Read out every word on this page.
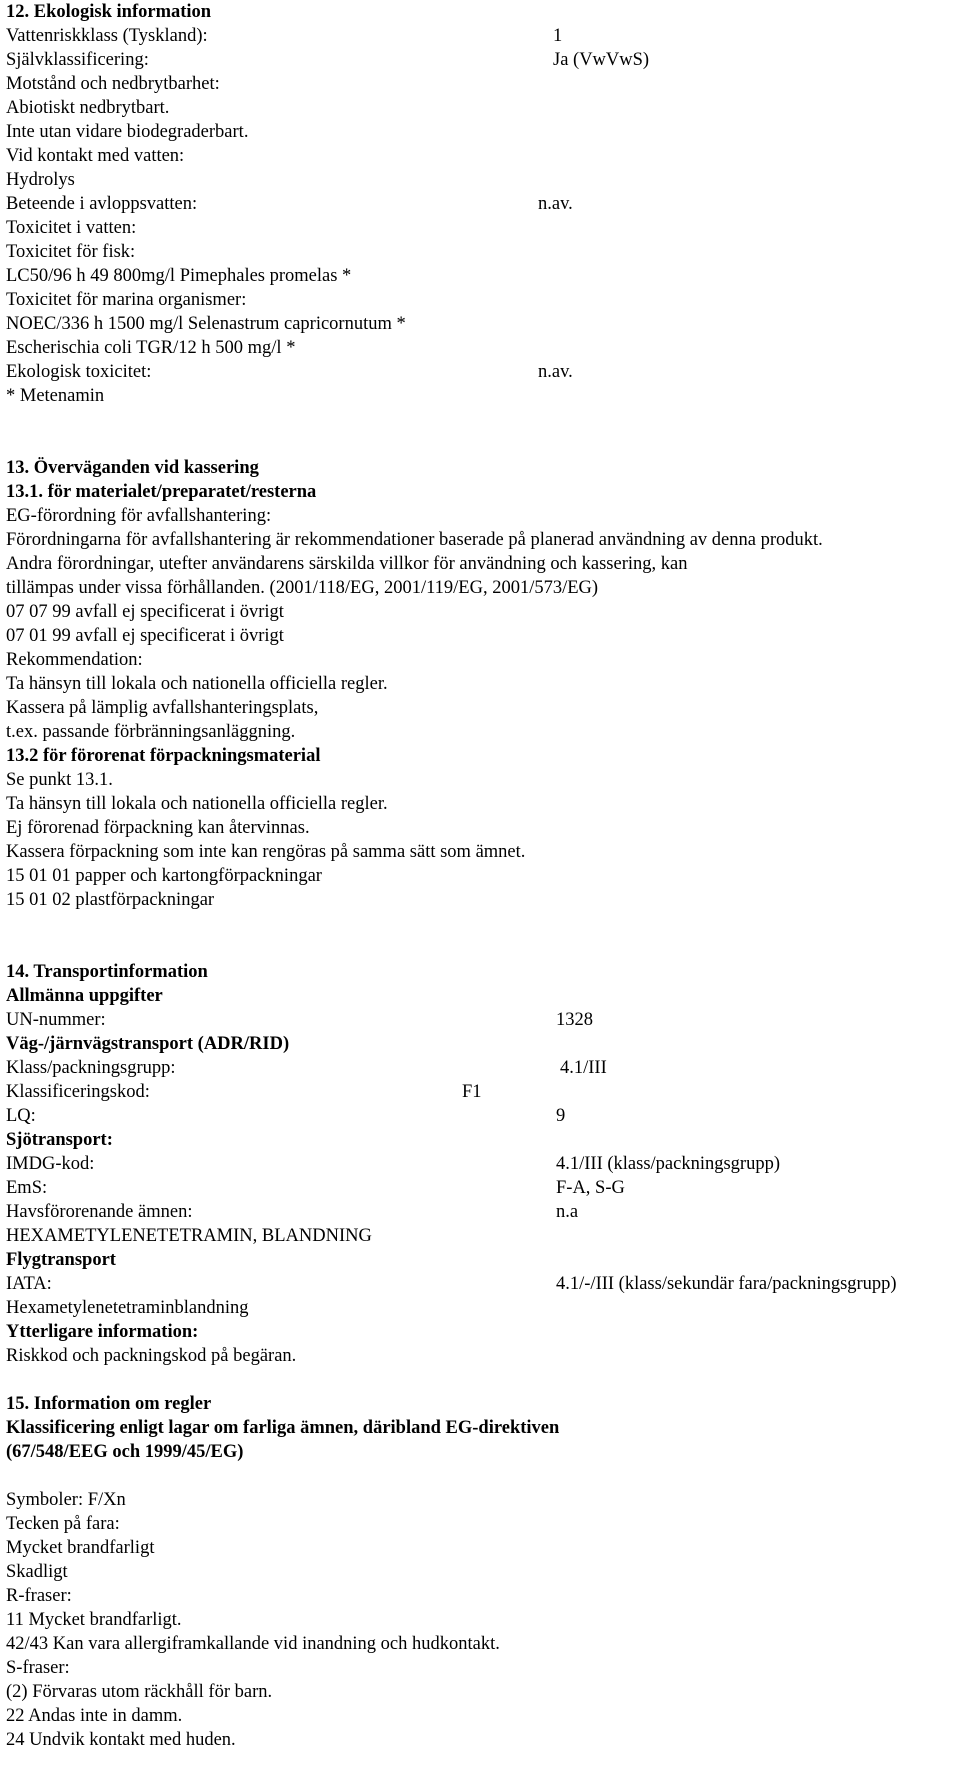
12. Ekologisk information
Vattenriskklass (Tyskland):	1
Självklassificering:	Ja (VwVwS)
Motstånd och nedbrytbarhet:
Abiotiskt nedbrytbart.
Inte utan vidare biodegraderbart.
Vid kontakt med vatten:
Hydrolys
Beteende i avloppsvatten:	n.av.
Toxicitet i vatten:
Toxicitet för fisk:
LC50/96 h 49 800mg/l Pimephales promelas *
Toxicitet för marina organismer:
NOEC/336 h 1500 mg/l Selenastrum capricornutum *
Escherischia coli TGR/12 h 500 mg/l *
Ekologisk toxicitet:	n.av.
* Metenamin
13. Överväganden vid kassering
13.1. för materialet/preparatet/resterna
EG-förordning för avfallshantering:
Förordningarna för avfallshantering är rekommendationer baserade på planerad användning av denna produkt.
Andra förordningar, utefter användarens särskilda villkor för användning och kassering, kan
tillämpas under vissa förhållanden. (2001/118/EG, 2001/119/EG, 2001/573/EG)
07 07 99 avfall ej specificerat i övrigt
07 01 99 avfall ej specificerat i övrigt
Rekommendation:
Ta hänsyn till lokala och nationella officiella regler.
Kassera på lämplig avfallshanteringsplats,
t.ex. passande förbränningsanläggning.
13.2 för förorenat förpackningsmaterial
Se punkt 13.1.
Ta hänsyn till lokala och nationella officiella regler.
Ej förorenad förpackning kan återvinnas.
Kassera förpackning som inte kan rengöras på samma sätt som ämnet.
15 01 01 papper och kartongförpackningar
15 01 02 plastförpackningar
14. Transportinformation
Allmänna uppgifter
UN-nummer:	1328
Väg-/järnvägstransport (ADR/RID)
Klass/packningsgrupp:	4.1/III
Klassificeringskod:	F1
LQ:	9
Sjötransport:
IMDG-kod:	4.1/III (klass/packningsgrupp)
EmS:	F-A, S-G
Havsförorenande ämnen:	n.a
HEXAMETYLENETETRAMIN, BLANDNING
Flygtransport
IATA:	4.1/-/III (klass/sekundär fara/packningsgrupp)
Hexametylenetetraminblandning
Ytterligare information:
Riskkod och packningskod på begäran.
15. Information om regler
Klassificering enligt lagar om farliga ämnen, däribland EG-direktiven
(67/548/EEG och 1999/45/EG)
Symboler: F/Xn
Tecken på fara:
Mycket brandfarligt
Skadligt
R-fraser:
11 Mycket brandfarligt.
42/43 Kan vara allergiframkallande vid inandning och hudkontakt.
S-fraser:
(2) Förvaras utom räckhåll för barn.
22 Andas inte in damm.
24 Undvik kontakt med huden.
